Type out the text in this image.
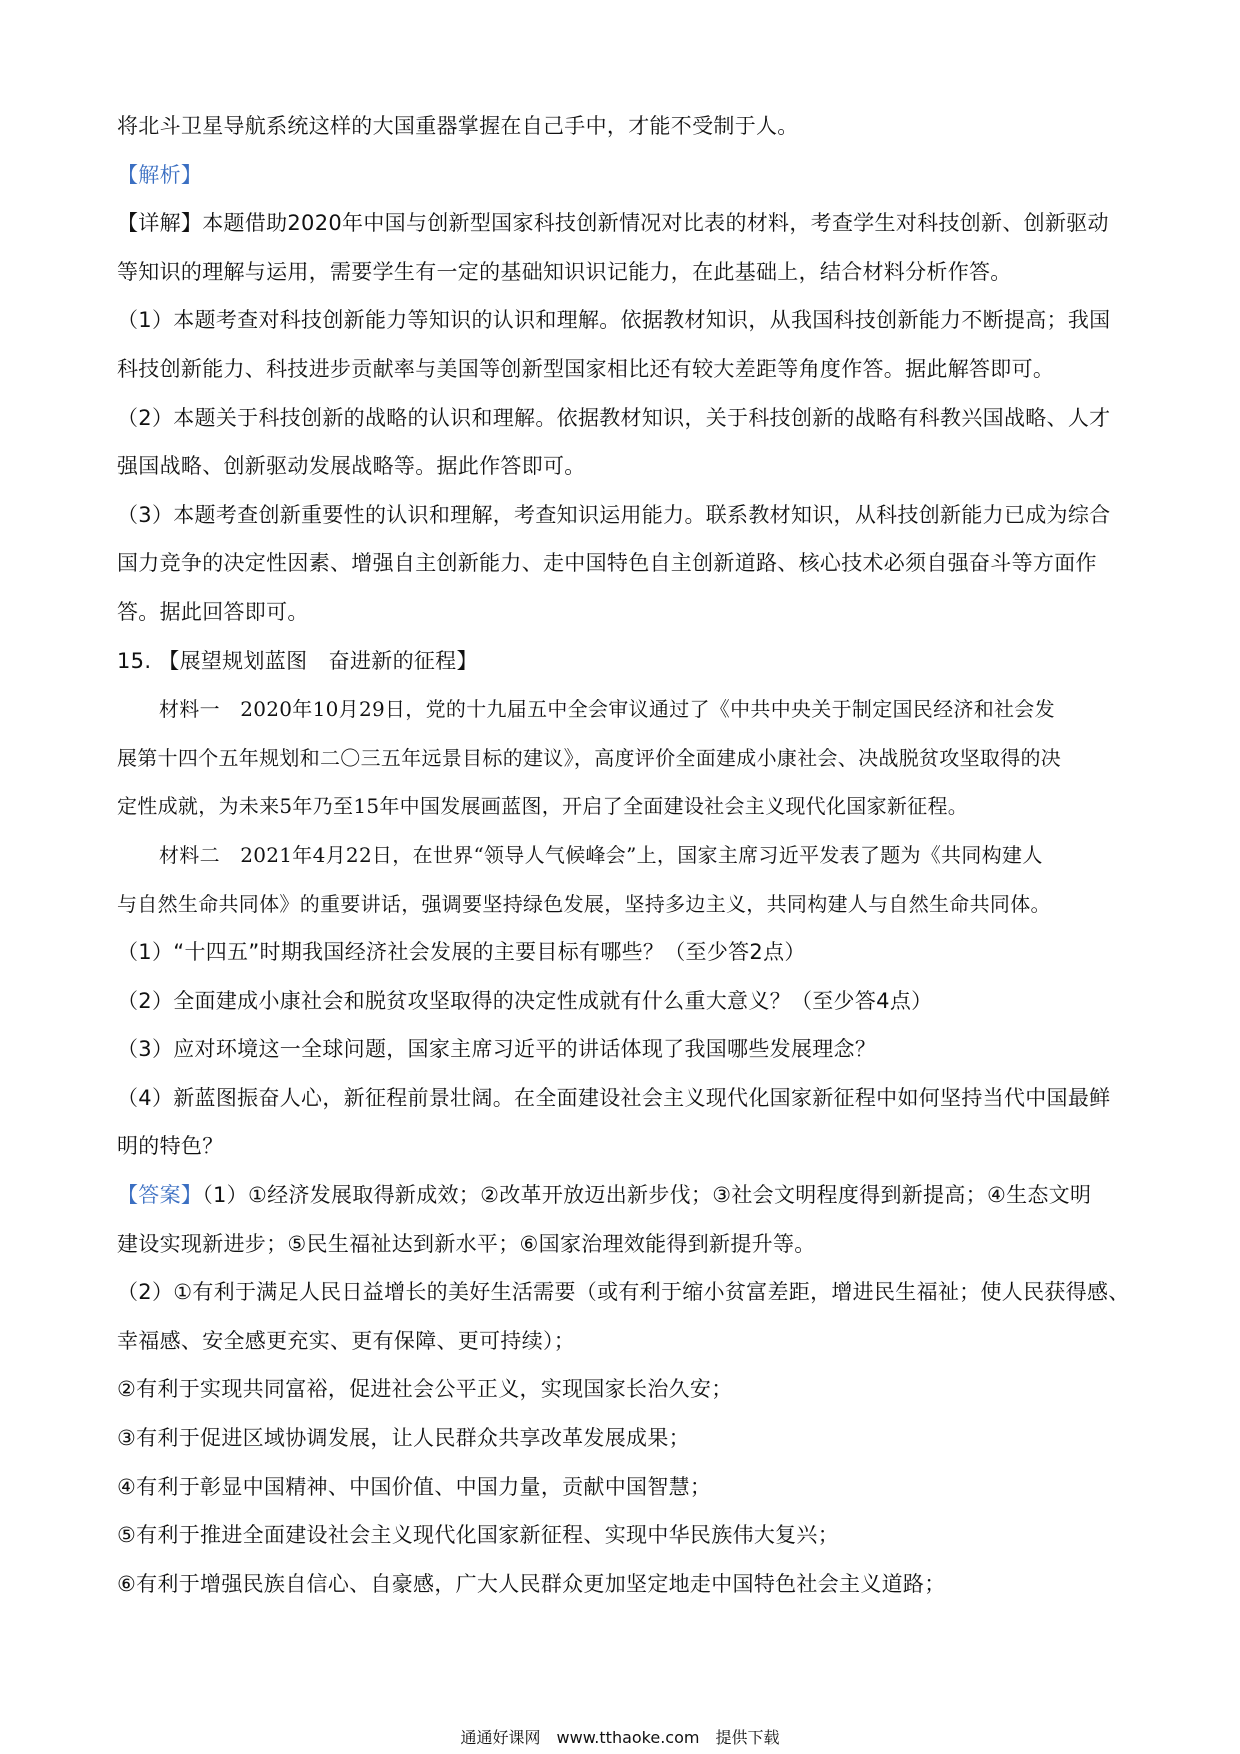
将北斗卫星导航系统这样的大国重器掌握在自己手中，才能不受制于人。
【解析】
【详解】本题借助2020年中国与创新型国家科技创新情况对比表的材料，考查学生对科技创新、创新驱动
等知识的理解与运用，需要学生有一定的基础知识识记能力，在此基础上，结合材料分析作答。
（1）本题考查对科技创新能力等知识的认识和理解。依据教材知识，从我国科技创新能力不断提高；我国
科技创新能力、科技进步贡献率与美国等创新型国家相比还有较大差距等角度作答。据此解答即可。
（2）本题关于科技创新的战略的认识和理解。依据教材知识，关于科技创新的战略有科教兴国战略、人才
强国战略、创新驱动发展战略等。据此作答即可。
（3）本题考查创新重要性的认识和理解，考查知识运用能力。联系教材知识，从科技创新能力已成为综合
国力竞争的决定性因素、增强自主创新能力、走中国特色自主创新道路、核心技术必须自强奋斗等方面作
答。据此回答即可。
15. 【展望规划蓝图　奋进新的征程】
材料一　2020年10月29日，党的十九届五中全会审议通过了《中共中央关于制定国民经济和社会发
展第十四个五年规划和二〇三五年远景目标的建议》，高度评价全面建成小康社会、决战脱贫攻坚取得的决
定性成就，为未来5年乃至15年中国发展画蓝图，开启了全面建设社会主义现代化国家新征程。
材料二　2021年4月22日，在世界“领导人气候峰会”上，国家主席习近平发表了题为《共同构建人
与自然生命共同体》的重要讲话，强调要坚持绿色发展，坚持多边主义，共同构建人与自然生命共同体。
（1）“十四五”时期我国经济社会发展的主要目标有哪些？（至少答2点）
（2）全面建成小康社会和脱贫攻坚取得的决定性成就有什么重大意义？（至少答4点）
（3）应对环境这一全球问题，国家主席习近平的讲话体现了我国哪些发展理念？
（4）新蓝图振奋人心，新征程前景壮阔。在全面建设社会主义现代化国家新征程中如何坚持当代中国最鲜
明的特色？
【答案】（1）①经济发展取得新成效；②改革开放迈出新步伐；③社会文明程度得到新提高；④生态文明
建设实现新进步；⑤民生福祉达到新水平；⑥国家治理效能得到新提升等。
（2）①有利于满足人民日益增长的美好生活需要（或有利于缩小贫富差距，增进民生福祉；使人民获得感、
幸福感、安全感更充实、更有保障、更可持续）；
②有利于实现共同富裕，促进社会公平正义，实现国家长治久安；
③有利于促进区域协调发展，让人民群众共享改革发展成果；
④有利于彰显中国精神、中国价值、中国力量，贡献中国智慧；
⑤有利于推进全面建设社会主义现代化国家新征程、实现中华民族伟大复兴；
⑥有利于增强民族自信心、自豪感，广大人民群众更加坚定地走中国特色社会主义道路；
通通好课网　www.tthaoke.com　提供下载
